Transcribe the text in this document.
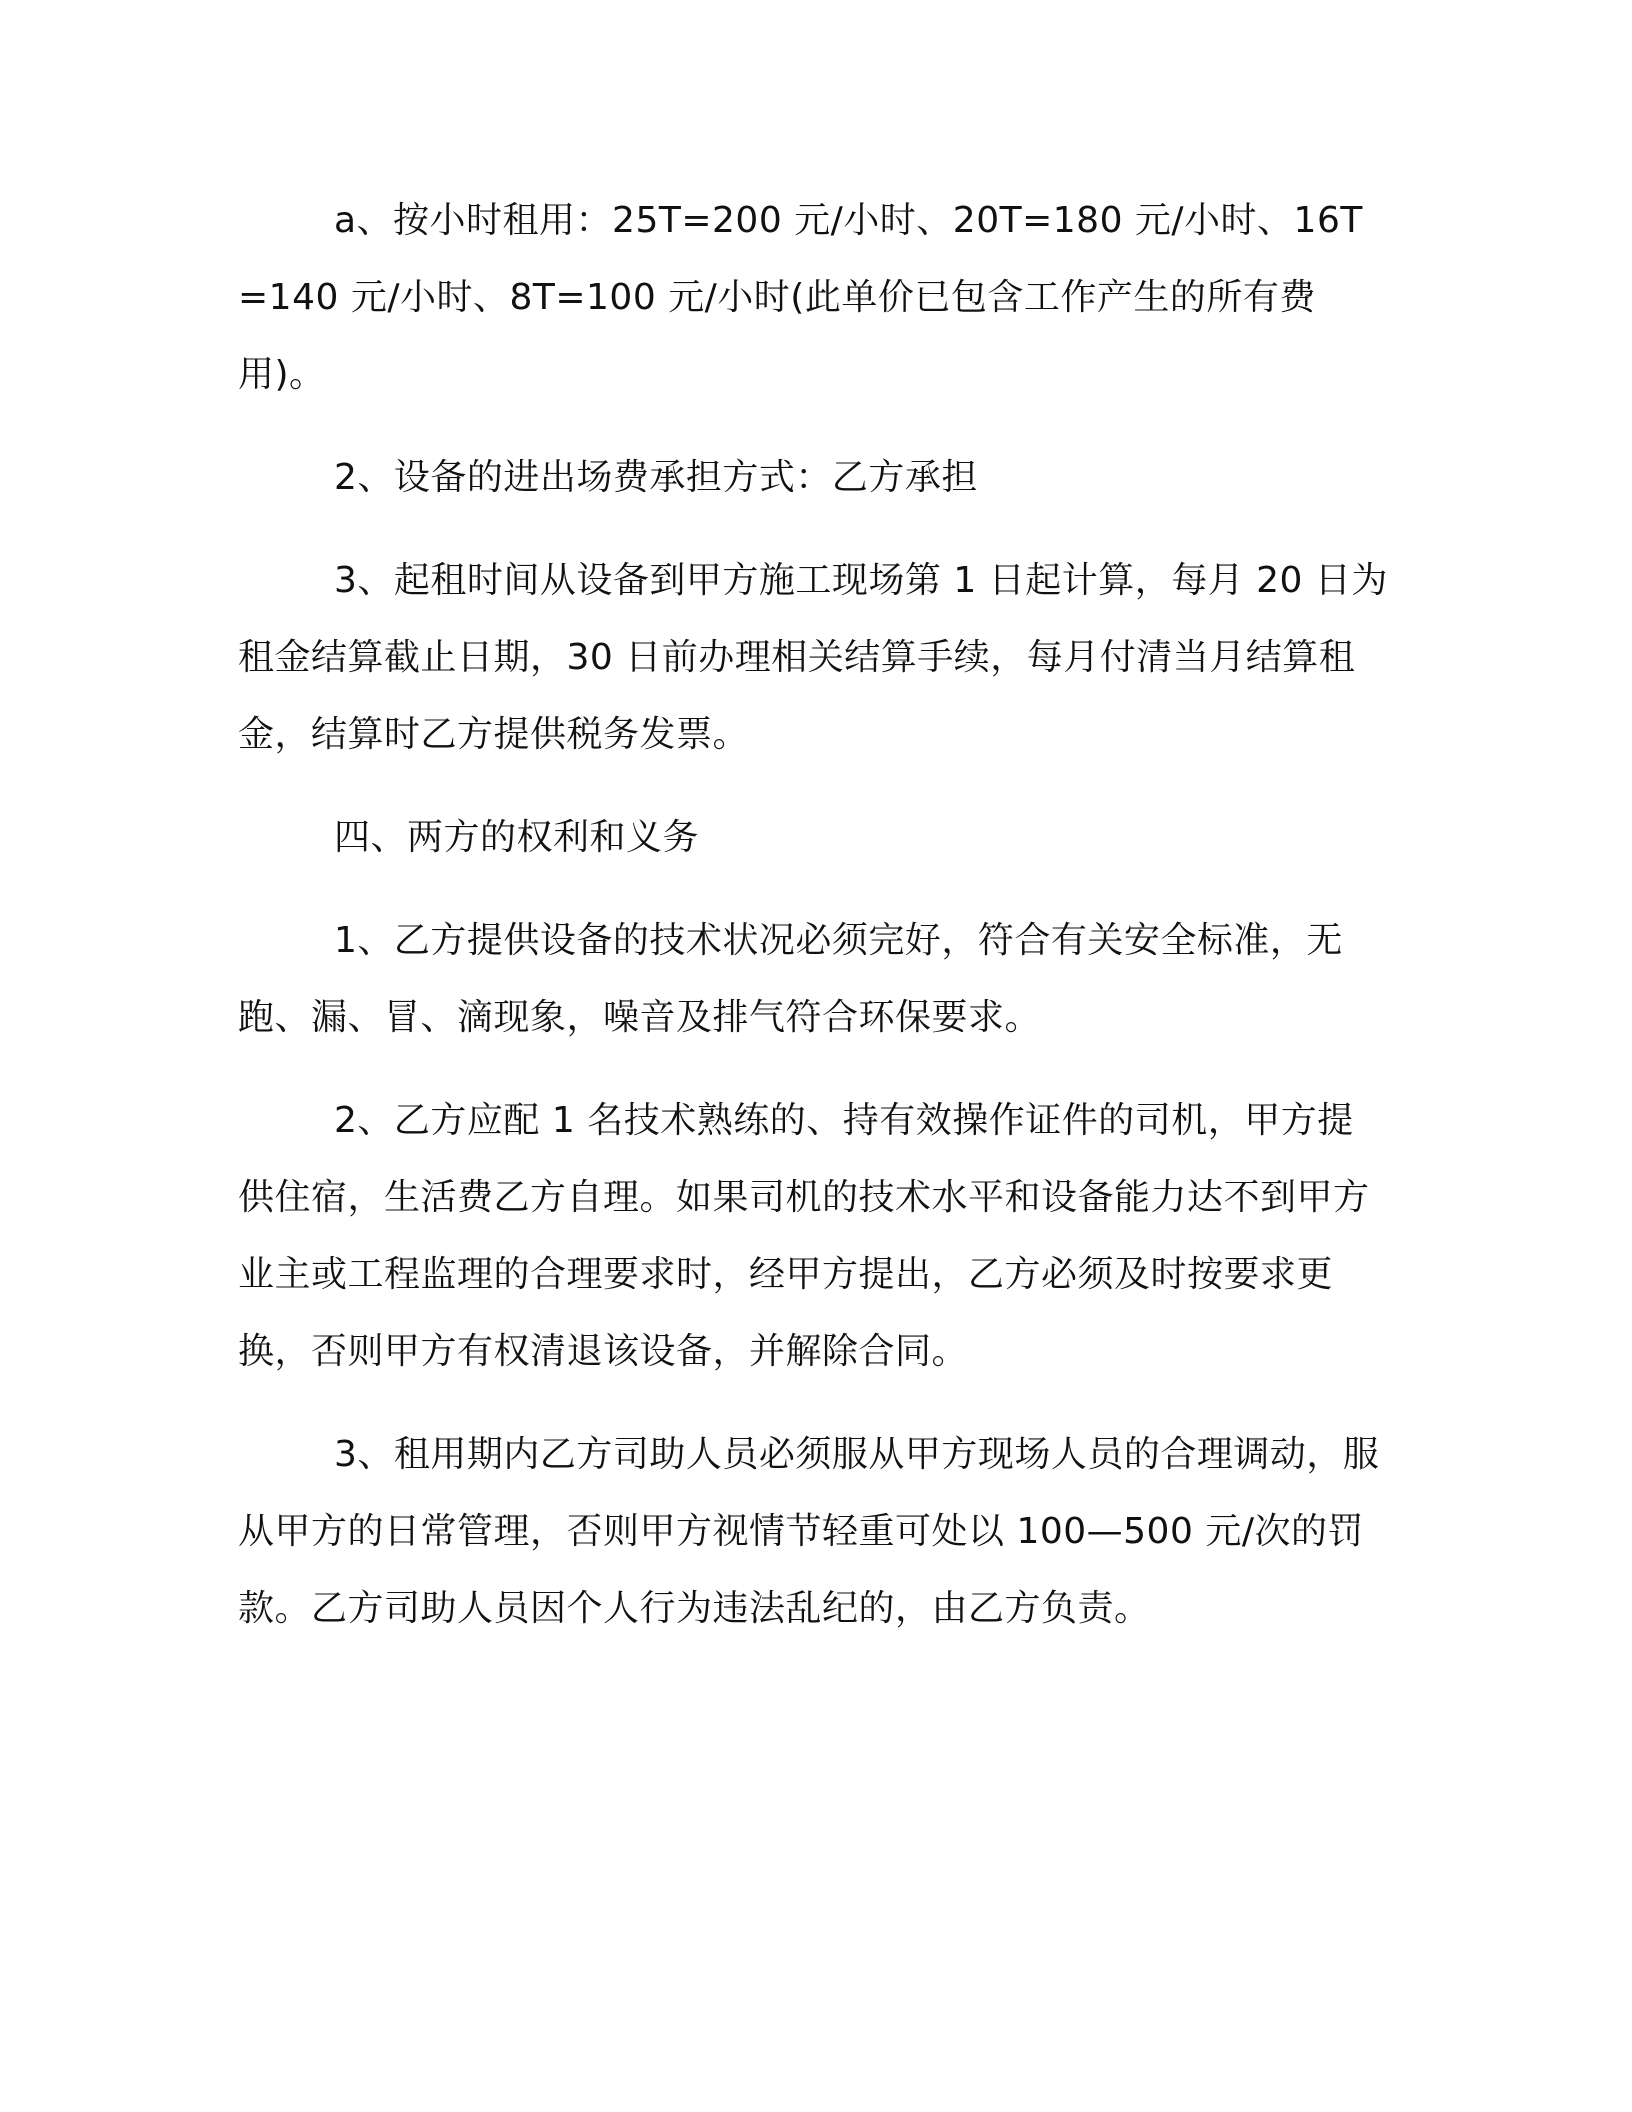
a、按小时租用：25T=200 元/小时、20T=180 元/小时、16T=140 元/小时、8T=100 元/小时(此单价已包含工作产生的所有费用)。

2、设备的进出场费承担方式：乙方承担

3、起租时间从设备到甲方施工现场第 1 日起计算，每月 20 日为租金结算截止日期，30 日前办理相关结算手续，每月付清当月结算租金，结算时乙方提供税务发票。

四、两方的权利和义务

1、乙方提供设备的技术状况必须完好，符合有关安全标准，无跑、漏、冒、滴现象，噪音及排气符合环保要求。

2、乙方应配 1 名技术熟练的、持有效操作证件的司机，甲方提供住宿，生活费乙方自理。如果司机的技术水平和设备能力达不到甲方业主或工程监理的合理要求时，经甲方提出，乙方必须及时按要求更换，否则甲方有权清退该设备，并解除合同。

3、租用期内乙方司助人员必须服从甲方现场人员的合理调动，服从甲方的日常管理，否则甲方视情节轻重可处以 100—500 元/次的罚款。乙方司助人员因个人行为违法乱纪的，由乙方负责。
